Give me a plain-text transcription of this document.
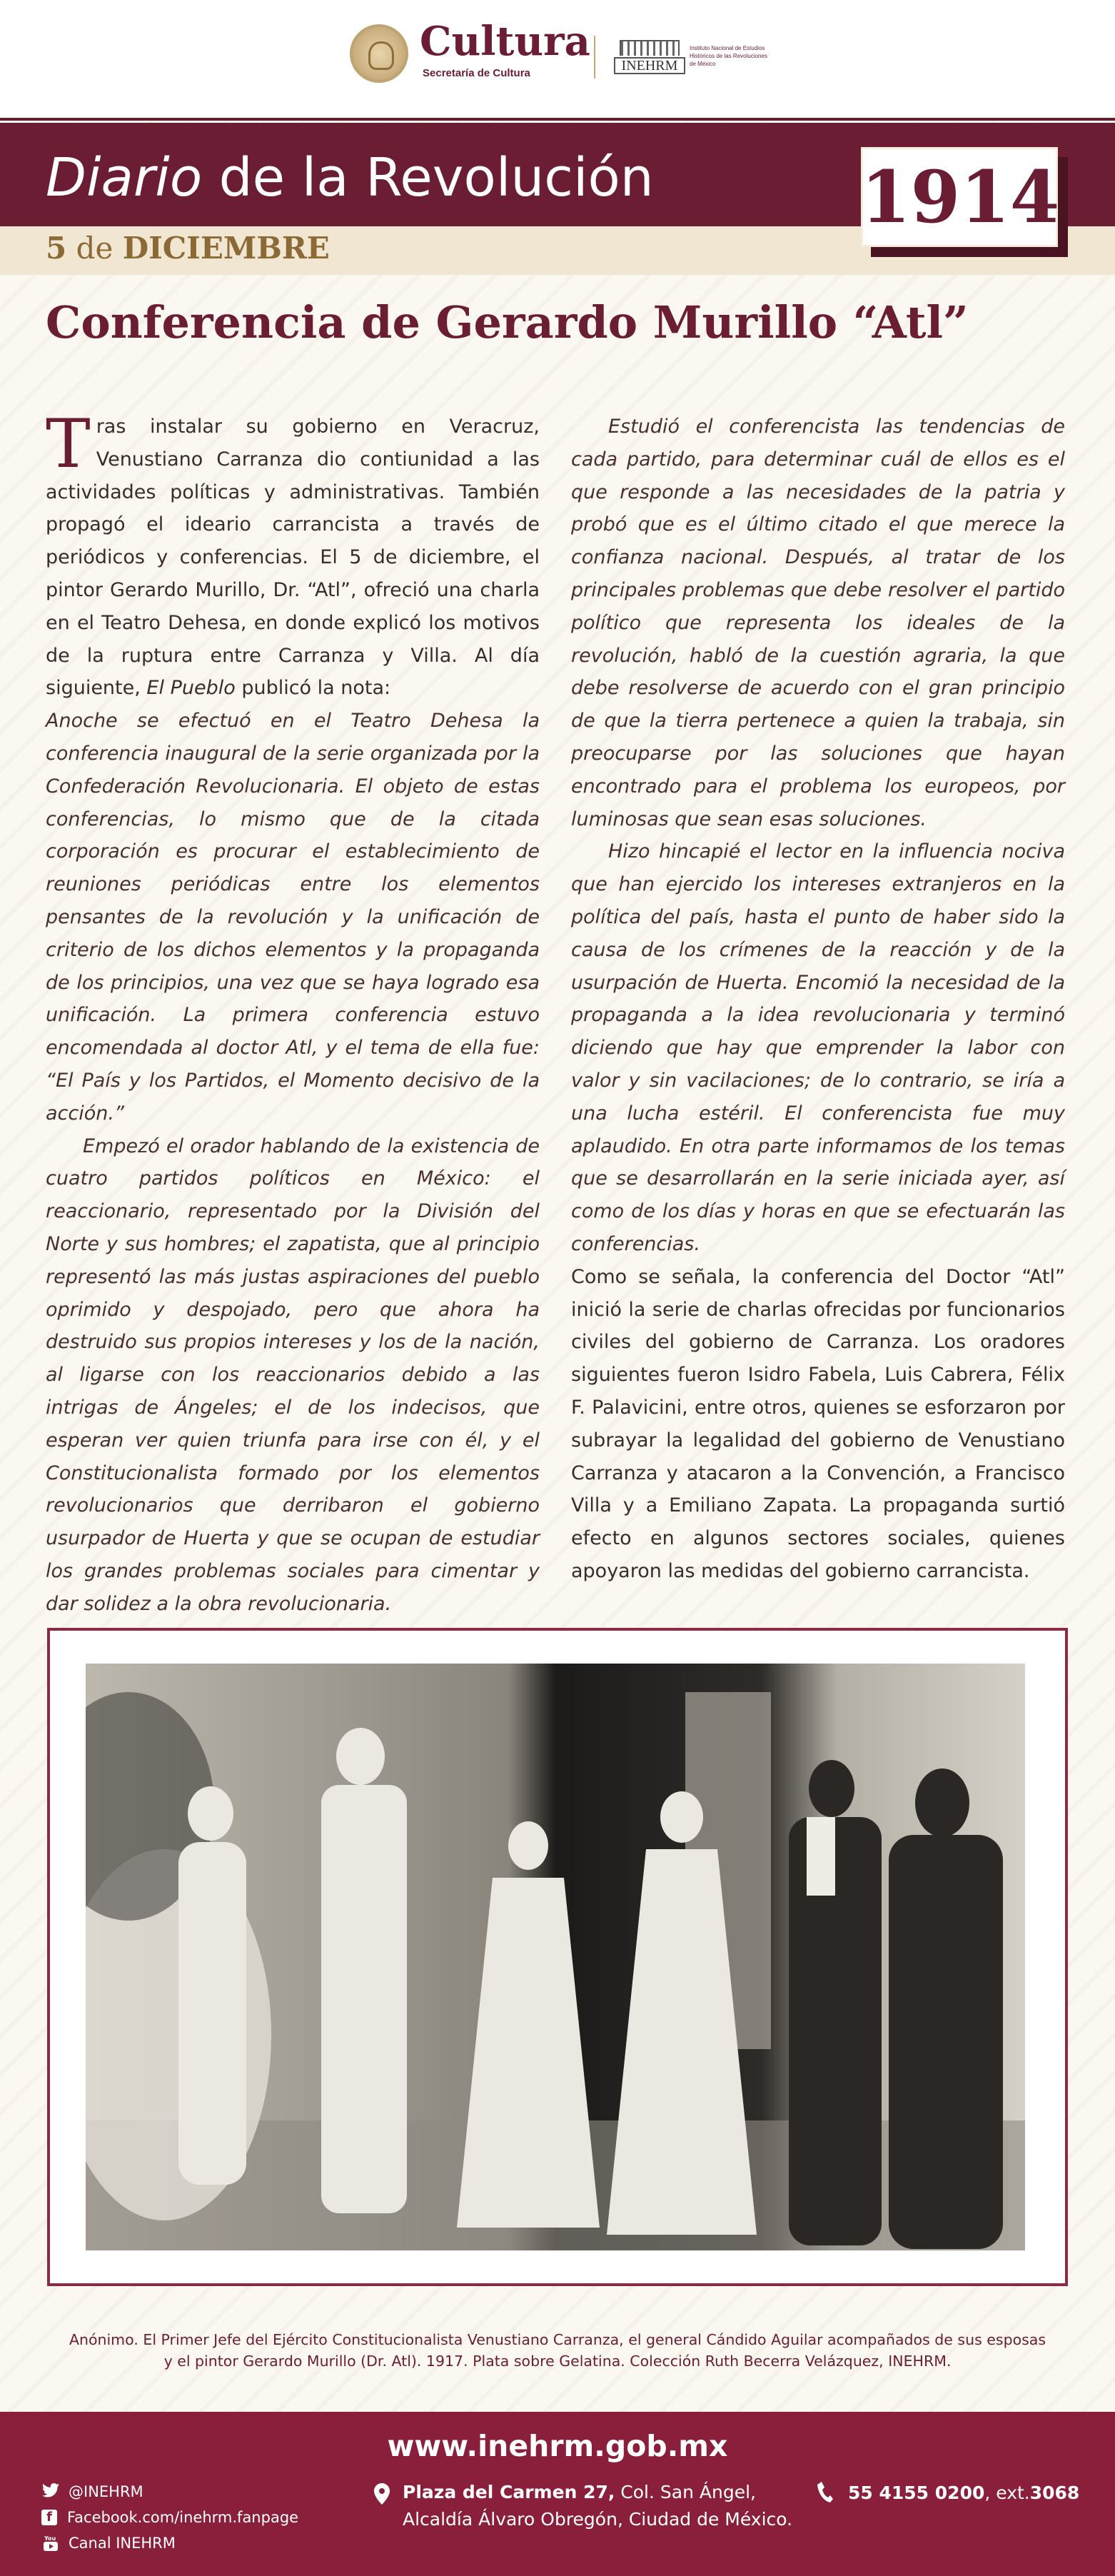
Cultura
Secretaría de Cultura	INEHRM
Instituto Nacional de Estudios Históricos de las Revoluciones de México
Diario de la Revolución
5 de DICIEMBRE
1914
Conferencia de Gerardo Murillo “Atl”

Tras instalar su gobierno en Veracruz, Venustiano Carranza dio contiunidad a las actividades políticas y administrativas. También propagó el ideario carrancista a través de periódicos y conferencias. El 5 de diciembre, el pintor Gerardo Murillo, Dr. “Atl”, ofreció una charla en el Teatro Dehesa, en donde explicó los motivos de la ruptura entre Carranza y Villa. Al día siguiente, El Pueblo publicó la nota:

Anoche se efectuó en el Teatro Dehesa la conferencia inaugural de la serie organizada por la Confederación Revolucionaria. El objeto de estas conferencias, lo mismo que de la citada corporación es procurar el establecimiento de reuniones periódicas entre los elementos pensantes de la revolución y la unificación de criterio de los dichos elementos y la propaganda de los principios, una vez que se haya logrado esa unificación. La primera conferencia estuvo encomendada al doctor Atl, y el tema de ella fue: “El País y los Partidos, el Momento decisivo de la acción.”

Empezó el orador hablando de la existencia de cuatro partidos políticos en México: el reaccionario, representado por la División del Norte y sus hombres; el zapatista, que al principio representó las más justas aspiraciones del pueblo oprimido y despojado, pero que ahora ha destruido sus propios intereses y los de la nación, al ligarse con los reaccionarios debido a las intrigas de Ángeles; el de los indecisos, que esperan ver quien triunfa para irse con él, y el Constitucionalista formado por los elementos revolucionarios que derribaron el gobierno usurpador de Huerta y que se ocupan de estudiar los grandes problemas sociales para cimentar y dar solidez a la obra revolucionaria.

Estudió el conferencista las tendencias de cada partido, para determinar cuál de ellos es el que responde a las necesidades de la patria y probó que es el último citado el que merece la confianza nacional. Después, al tratar de los principales problemas que debe resolver el partido político que representa los ideales de la revolución, habló de la cuestión agraria, la que debe resolverse de acuerdo con el gran principio de que la tierra pertenece a quien la trabaja, sin preocuparse por las soluciones que hayan encontrado para el problema los europeos, por luminosas que sean esas soluciones.

Hizo hincapié el lector en la influencia nociva que han ejercido los intereses extranjeros en la política del país, hasta el punto de haber sido la causa de los crímenes de la reacción y de la usurpación de Huerta. Encomió la necesidad de la propaganda a la idea revolucionaria y terminó diciendo que hay que emprender la labor con valor y sin vacilaciones; de lo contrario, se iría a una lucha estéril. El conferencista fue muy aplaudido. En otra parte informamos de los temas que se desarrollarán en la serie iniciada ayer, así como de los días y horas en que se efectuarán las conferencias.

Como se señala, la conferencia del Doctor “Atl” inició la serie de charlas ofrecidas por funcionarios civiles del gobierno de Carranza. Los oradores siguientes fueron Isidro Fabela, Luis Cabrera, Félix F. Palavicini, entre otros, quienes se esforzaron por subrayar la legalidad del gobierno de Venustiano Carranza y atacaron a la Convención, a Francisco Villa y a Emiliano Zapata. La propaganda surtió efecto en algunos sectores sociales, quienes apoyaron las medidas del gobierno carrancista.

Anónimo. El Primer Jefe del Ejército Constitucionalista Venustiano Carranza, el general Cándido Aguilar acompañados de sus esposas
y el pintor Gerardo Murillo (Dr. Atl). 1917. Plata sobre Gelatina. Colección Ruth Becerra Velázquez, INEHRM.
www.inehrm.gob.mx
@INEHRM
f	Facebook.com/inehrm.fanpage
You Canal INEHRM
Plaza del Carmen 27, Col. San Ángel,
Alcaldía Álvaro Obregón, Ciudad de México.
55 4155 0200 , ext. 3068
